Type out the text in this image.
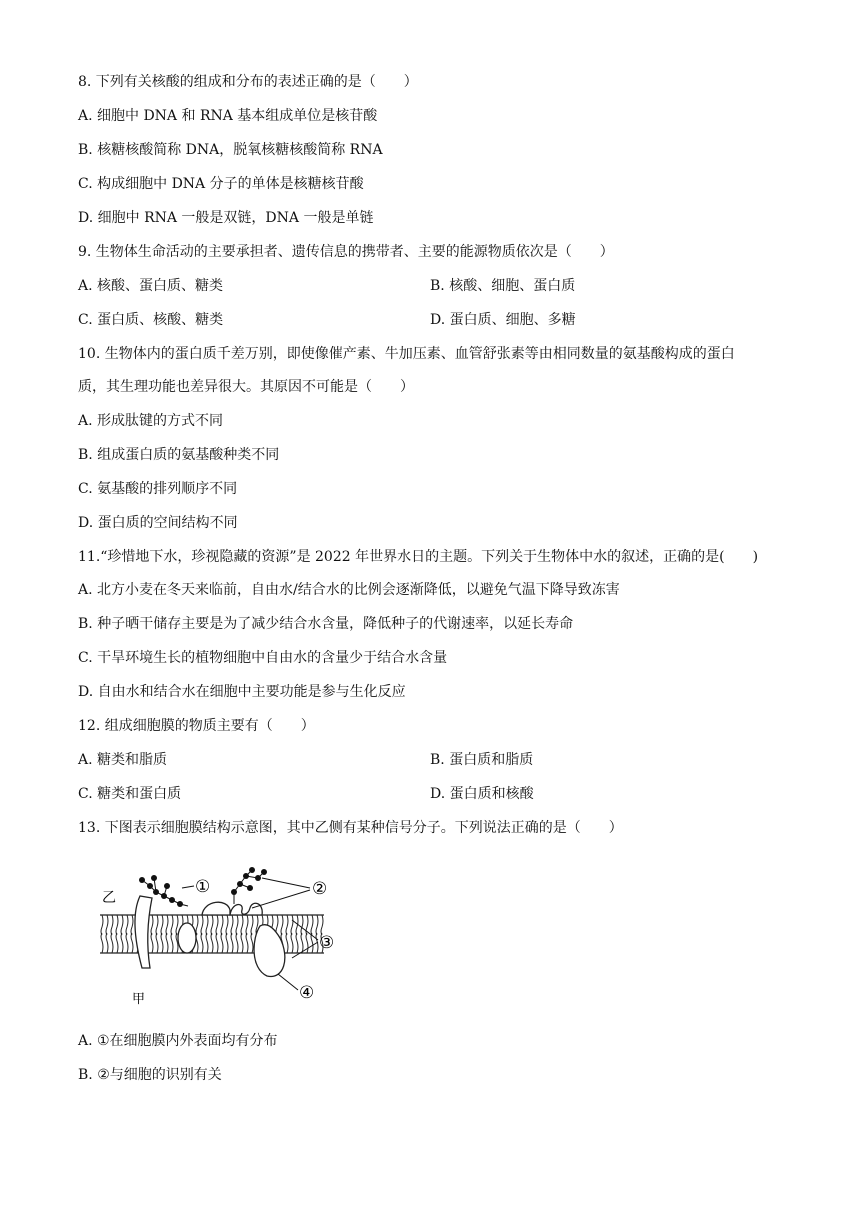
8. 下列有关核酸的组成和分布的表述正确的是（　　）
A. 细胞中 DNA 和 RNA 基本组成单位是核苷酸
B. 核糖核酸简称 DNA，脱氧核糖核酸简称 RNA
C. 构成细胞中 DNA 分子的单体是核糖核苷酸
D. 细胞中 RNA 一般是双链，DNA 一般是单链
9. 生物体生命活动的主要承担者、遗传信息的携带者、主要的能源物质依次是（　　）
A. 核酸、蛋白质、糖类	B. 核酸、细胞、蛋白质
C. 蛋白质、核酸、糖类	D. 蛋白质、细胞、多糖
10. 生物体内的蛋白质千差万别，即使像催产素、牛加压素、血管舒张素等由相同数量的氨基酸构成的蛋白
质，其生理功能也差异很大。其原因不可能是（　　）
A. 形成肽键的方式不同
B. 组成蛋白质的氨基酸种类不同
C. 氨基酸的排列顺序不同
D. 蛋白质的空间结构不同
11.“珍惜地下水，珍视隐藏的资源”是 2022 年世界水日的主题。下列关于生物体中水的叙述，正确的是(　　)
A. 北方小麦在冬天来临前，自由水/结合水的比例会逐渐降低，以避免气温下降导致冻害
B. 种子晒干储存主要是为了减少结合水含量，降低种子的代谢速率，以延长寿命
C. 干旱环境生长的植物细胞中自由水的含量少于结合水含量
D. 自由水和结合水在细胞中主要功能是参与生化反应
12. 组成细胞膜的物质主要有（　　）
A. 糖类和脂质	B. 蛋白质和脂质
C. 糖类和蛋白质	D. 蛋白质和核酸
13. 下图表示细胞膜结构示意图，其中乙侧有某种信号分子。下列说法正确的是（　　）
乙
甲
①	②
③
④
A. ①在细胞膜内外表面均有分布
B. ②与细胞的识别有关
